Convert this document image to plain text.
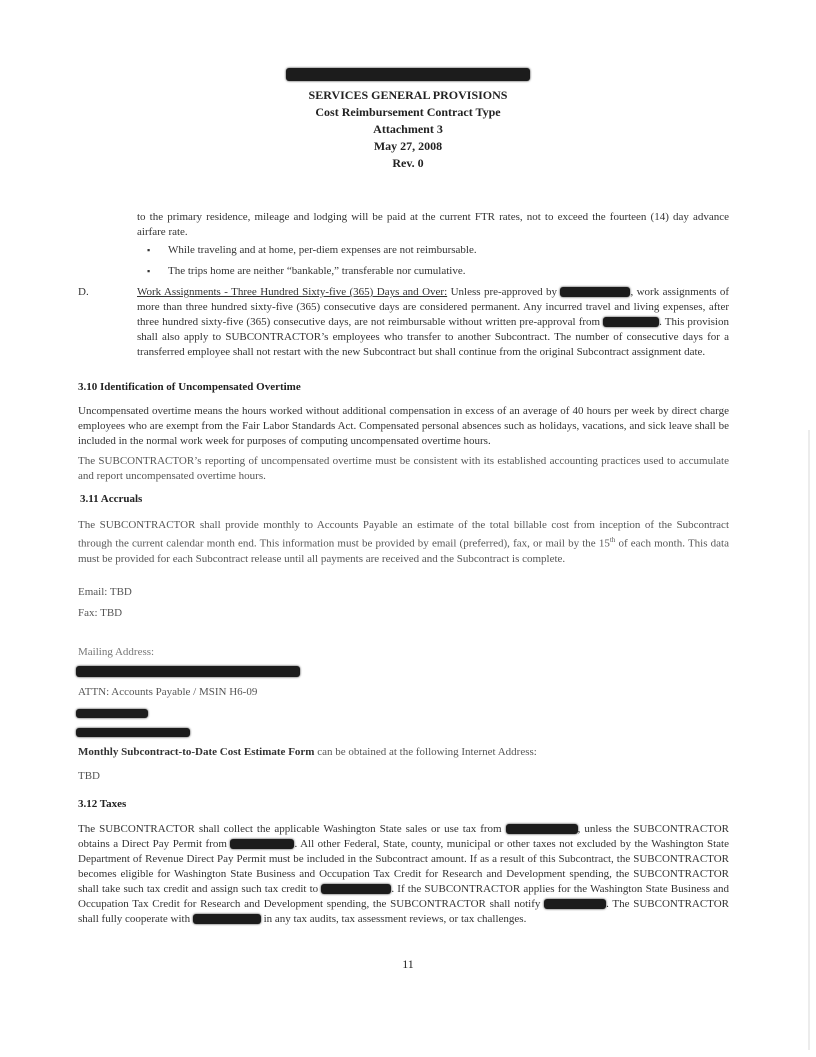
SERVICES GENERAL PROVISIONS
Cost Reimbursement Contract Type
Attachment 3
May 27, 2008
Rev. 0
to the primary residence, mileage and lodging will be paid at the current FTR rates, not to exceed the fourteen (14) day advance airfare rate.
▪ While traveling and at home, per-diem expenses are not reimbursable.
▪ The trips home are neither “bankable,” transferable nor cumulative.
D.	Work Assignments - Three Hundred Sixty-five (365) Days and Over: Unless pre-approved by	, work assignments of more than three hundred sixty-five (365) consecutive days are considered permanent. Any incurred travel and living expenses, after three hundred sixty-five (365) consecutive days, are not reimbursable without written pre-approval from	. This provision shall also apply to SUBCONTRACTOR’s employees who transfer to another Subcontract. The number of consecutive days for a transferred employee shall not restart with the new Subcontract but shall continue from the original Subcontract assignment date.
3.10 Identification of Uncompensated Overtime
Uncompensated overtime means the hours worked without additional compensation in excess of an average of 40 hours per week by direct charge employees who are exempt from the Fair Labor Standards Act. Compensated personal absences such as holidays, vacations, and sick leave shall be included in the normal work week for purposes of computing uncompensated overtime hours.
The SUBCONTRACTOR’s reporting of uncompensated overtime must be consistent with its established accounting practices used to accumulate and report uncompensated overtime hours.
3.11 Accruals
The SUBCONTRACTOR shall provide monthly to Accounts Payable an estimate of the total billable cost from inception of the Subcontract through the current calendar month end. This information must be provided by email (preferred), fax, or mail by the 15th of each month. This data must be provided for each Subcontract release until all payments are received and the Subcontract is complete.
Email: TBD
Fax: TBD
Mailing Address:
ATTN: Accounts Payable / MSIN H6-09
Monthly Subcontract-to-Date Cost Estimate Form can be obtained at the following Internet Address:
TBD
3.12 Taxes
The SUBCONTRACTOR shall collect the applicable Washington State sales or use tax from	, unless the SUBCONTRACTOR obtains a Direct Pay Permit from	. All other Federal, State, county, municipal or other taxes not excluded by the Washington State Department of Revenue Direct Pay Permit must be included in the Subcontract amount. If as a result of this Subcontract, the SUBCONTRACTOR becomes eligible for Washington State Business and Occupation Tax Credit for Research and Development spending, the SUBCONTRACTOR shall take such tax credit and assign such tax credit to	. If the SUBCONTRACTOR applies for the Washington State Business and Occupation Tax Credit for Research and Development spending, the SUBCONTRACTOR shall notify	. The SUBCONTRACTOR shall fully cooperate with	in any tax audits, tax assessment reviews, or tax challenges.
11
